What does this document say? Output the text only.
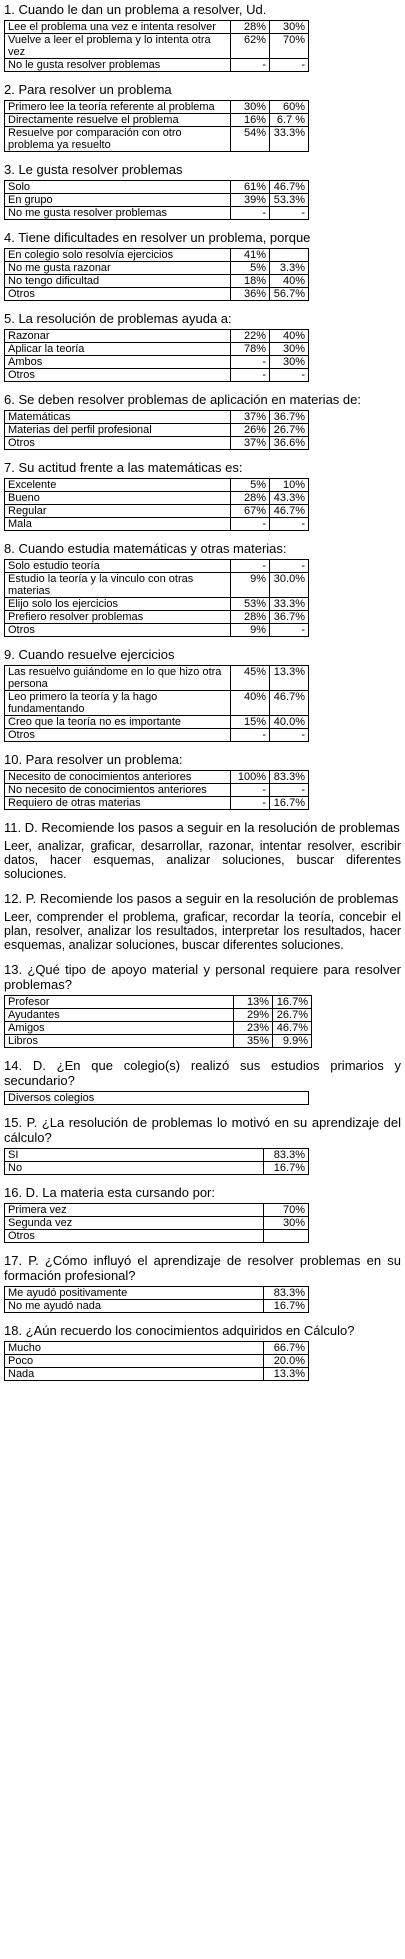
1. Cuando le dan un problema a resolver, Ud.
Lee el problema una vez e intenta resolver	28%	30%
Vuelve a leer el problema y lo intenta otra vez	62%	70%
No le gusta resolver problemas	-	-
2. Para resolver un problema
Primero lee la teoría referente al problema	30%	60%
Directamente resuelve el problema	16%	6.7 %
Resuelve por comparación con otro problema ya resuelto	54%	33.3%
3. Le gusta resolver problemas
Solo	61%	46.7%
En grupo	39%	53.3%
No me gusta resolver problemas	-	-
4. Tiene dificultades en resolver un problema, porque
En colegio solo resolvía ejercicios	41%	
No me gusta razonar	5%	3.3%
No tengo dificultad	18%	40%
Otros	36%	56.7%
5. La resolución de problemas ayuda a:
Razonar	22%	40%
Aplicar la teoría	78%	30%
Ambos	-	30%
Otros	-	-
6. Se deben resolver problemas de aplicación en materias de:
Matemáticas	37%	36.7%
Materias del perfil profesional	26%	26.7%
Otros	37%	36.6%
7. Su actitud frente a las matemáticas es:
Excelente	5%	10%
Bueno	28%	43.3%
Regular	67%	46.7%
Mala	-	-
8. Cuando estudia matemáticas y otras materias:
Solo estudio teoría	-	-
Estudio la teoría y la vinculo con otras materias	9%	30.0%
Elijo solo los ejercicios	53%	33.3%
Prefiero resolver problemas	28%	36.7%
Otros	9%	-
9. Cuando resuelve ejercicios
Las resuelvo guiándome en lo que hizo otra persona	45%	13.3%
Leo primero la teoría y la hago fundamentando	40%	46.7%
Creo que la teoría no es importante	15%	40.0%
Otros	-	-
10. Para resolver un problema:
Necesito de conocimientos anteriores	100%	83.3%
No necesito de conocimientos anteriores	-	-
Requiero de otras materias	-	16.7%
11. D. Recomiende los pasos a seguir en la resolución de problemas

Leer, analizar, graficar, desarrollar, razonar, intentar resolver, escribir datos, hacer esquemas, analizar soluciones, buscar diferentes soluciones.

12. P. Recomiende los pasos a seguir en la resolución de problemas

Leer, comprender el problema, graficar, recordar la teoría, concebir el plan, resolver, analizar los resultados, interpretar los resultados, hacer esquemas, analizar soluciones, buscar diferentes soluciones.

13. ¿Qué tipo de apoyo material y personal requiere para resolver problemas?
Profesor	13%	16.7%
Ayudantes	29%	26.7%
Amigos	23%	46.7%
Libros	35%	9.9%
14. D. ¿En que colegio(s) realizó sus estudios primarios y secundario?
Diversos colegios
15. P. ¿La resolución de problemas lo motivó en su aprendizaje del cálculo?
SI	83.3%
No	16.7%
16. D. La materia esta cursando por:
Primera vez	70%
Segunda vez	30%
Otros	
17. P. ¿Cómo influyó el aprendizaje de resolver problemas en su formación profesional?
Me ayudó positivamente	83.3%
No me ayudó nada	16.7%
18. ¿Aún recuerdo los conocimientos adquiridos en Cálculo?
Mucho	66.7%
Poco	20.0%
Nada	13.3%
